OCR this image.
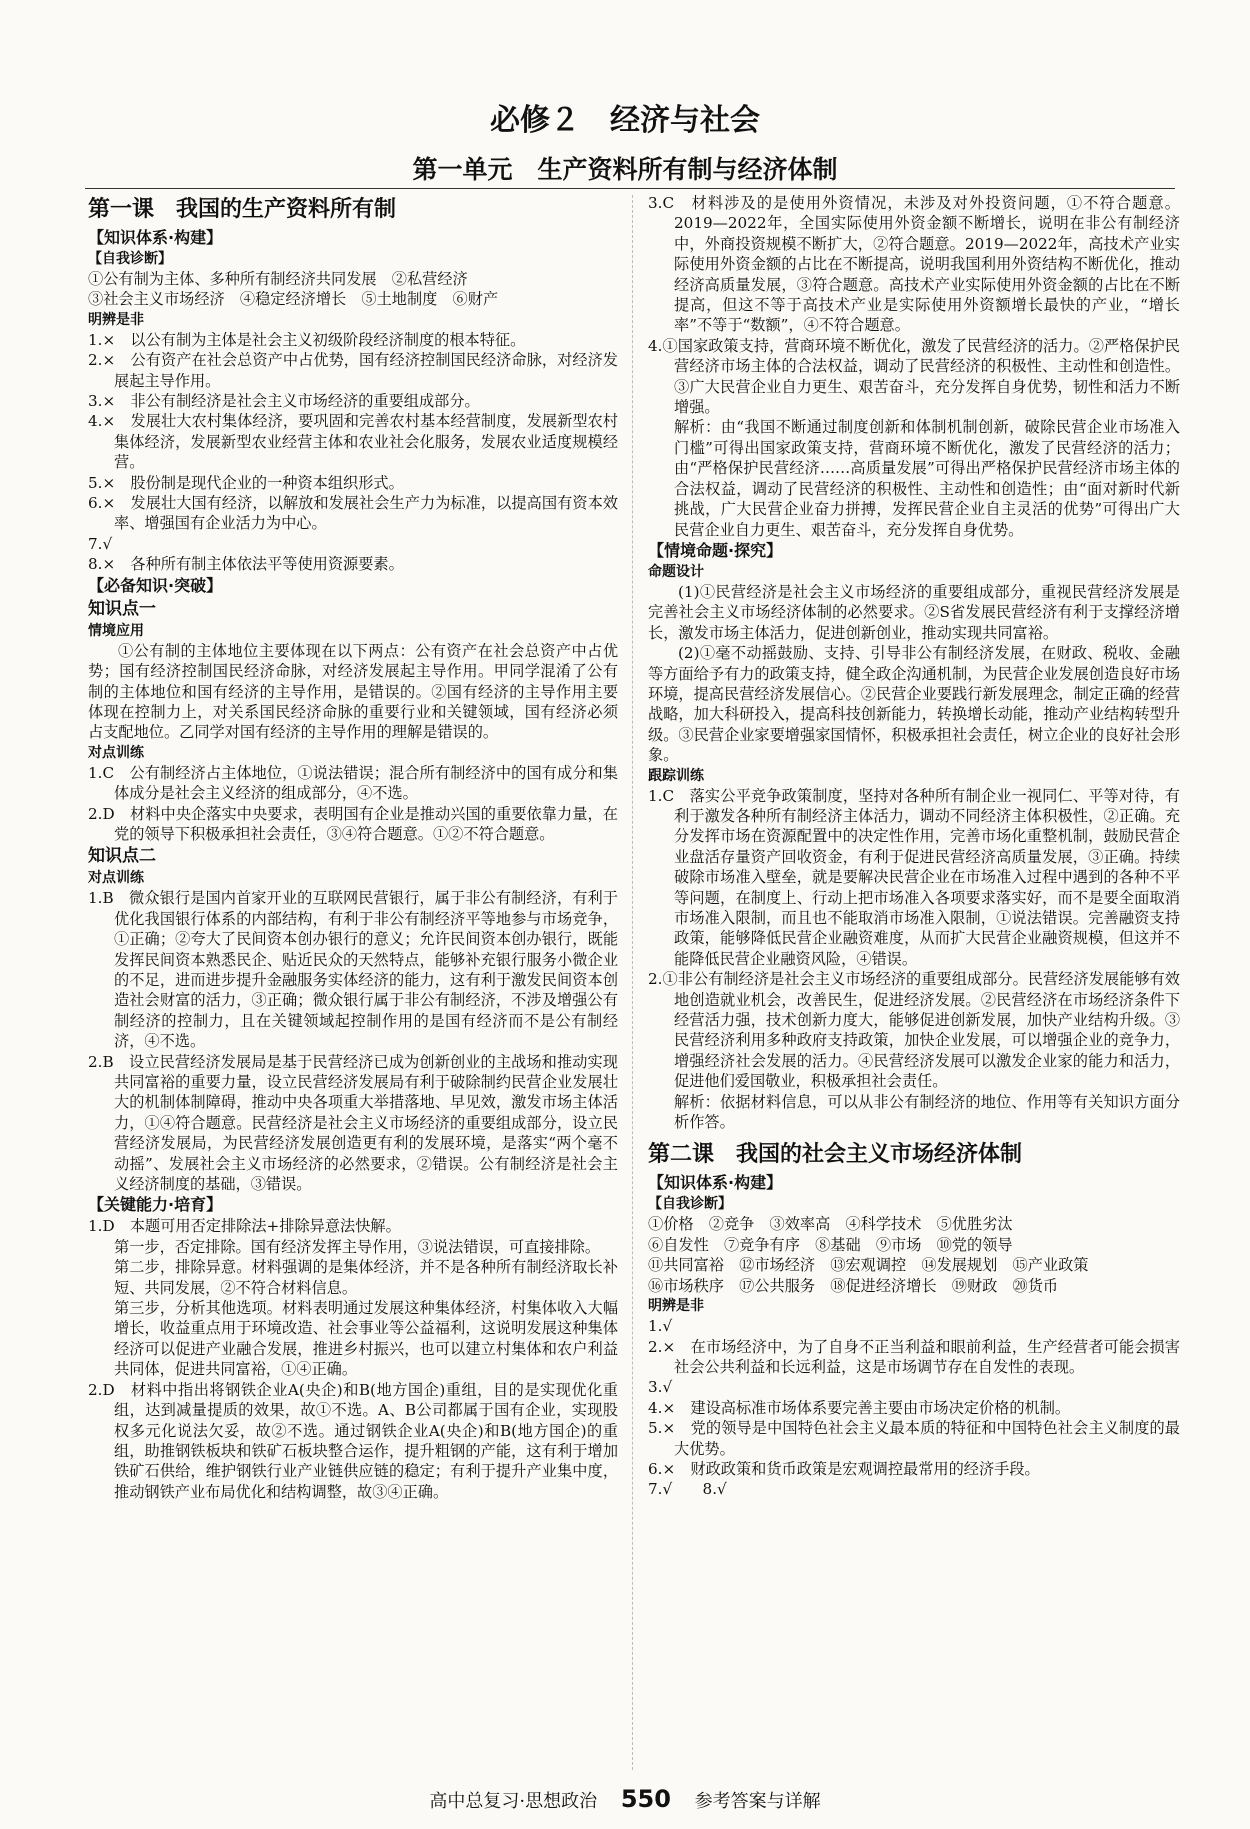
必修２　经济与社会
第一单元　生产资料所有制与经济体制

第一课　我国的生产资料所有制

【知识体系·构建】

【自我诊断】

①公有制为主体、多种所有制经济共同发展　②私营经济

③社会主义市场经济　④稳定经济增长　⑤土地制度　⑥财产

明辨是非

1.×　以公有制为主体是社会主义初级阶段经济制度的根本特征。

2.×　公有资产在社会总资产中占优势，国有经济控制国民经济命脉，对经济发展起主导作用。

3.×　非公有制经济是社会主义市场经济的重要组成部分。

4.×　发展壮大农村集体经济，要巩固和完善农村基本经营制度，发展新型农村集体经济，发展新型农业经营主体和农业社会化服务，发展农业适度规模经营。

5.×　股份制是现代企业的一种资本组织形式。

6.×　发展壮大国有经济，以解放和发展社会生产力为标准，以提高国有资本效率、增强国有企业活力为中心。

7.√

8.×　各种所有制主体依法平等使用资源要素。

【必备知识·突破】

知识点一

情境应用

①公有制的主体地位主要体现在以下两点：公有资产在社会总资产中占优势；国有经济控制国民经济命脉，对经济发展起主导作用。甲同学混淆了公有制的主体地位和国有经济的主导作用，是错误的。②国有经济的主导作用主要体现在控制力上，对关系国民经济命脉的重要行业和关键领域，国有经济必须占支配地位。乙同学对国有经济的主导作用的理解是错误的。

对点训练

1.C　公有制经济占主体地位，①说法错误；混合所有制经济中的国有成分和集体成分是社会主义经济的组成部分，④不选。

2.D　材料中央企落实中央要求，表明国有企业是推动兴国的重要依靠力量，在党的领导下积极承担社会责任，③④符合题意。①②不符合题意。

知识点二

对点训练

1.B　微众银行是国内首家开业的互联网民营银行，属于非公有制经济，有利于优化我国银行体系的内部结构，有利于非公有制经济平等地参与市场竞争，①正确；②夸大了民间资本创办银行的意义；允许民间资本创办银行，既能发挥民间资本熟悉民企、贴近民众的天然特点，能够补充银行服务小微企业的不足，进而进步提升金融服务实体经济的能力，这有利于激发民间资本创造社会财富的活力，③正确；微众银行属于非公有制经济，不涉及增强公有制经济的控制力，且在关键领域起控制作用的是国有经济而不是公有制经济，④不选。

2.B　设立民营经济发展局是基于民营经济已成为创新创业的主战场和推动实现共同富裕的重要力量，设立民营经济发展局有利于破除制约民营企业发展壮大的机制体制障碍，推动中央各项重大举措落地、早见效，激发市场主体活力，①④符合题意。民营经济是社会主义市场经济的重要组成部分，设立民营经济发展局，为民营经济发展创造更有利的发展环境，是落实“两个毫不动摇”、发展社会主义市场经济的必然要求，②错误。公有制经济是社会主义经济制度的基础，③错误。

【关键能力·培育】

1.D　本题可用否定排除法+排除异意法快解。

第一步，否定排除。国有经济发挥主导作用，③说法错误，可直接排除。

第二步，排除异意。材料强调的是集体经济，并不是各种所有制经济取长补短、共同发展，②不符合材料信息。

第三步，分析其他选项。材料表明通过发展这种集体经济，村集体收入大幅增长，收益重点用于环境改造、社会事业等公益福利，这说明发展这种集体经济可以促进产业融合发展，推进乡村振兴，也可以建立村集体和农户利益共同体，促进共同富裕，①④正确。

2.D　材料中指出将钢铁企业A(央企)和B(地方国企)重组，目的是实现优化重组，达到减量提质的效果，故①不选。A、B公司都属于国有企业，实现股权多元化说法欠妥，故②不选。通过钢铁企业A(央企)和B(地方国企)的重组，助推钢铁板块和铁矿石板块整合运作，提升粗钢的产能，这有利于增加铁矿石供给，维护钢铁行业产业链供应链的稳定；有利于提升产业集中度，推动钢铁产业布局优化和结构调整，故③④正确。

3.C　材料涉及的是使用外资情况，未涉及对外投资问题，①不符合题意。2019—2022年，全国实际使用外资金额不断增长，说明在非公有制经济中，外商投资规模不断扩大，②符合题意。2019—2022年，高技术产业实际使用外资金额的占比在不断提高，说明我国利用外资结构不断优化，推动经济高质量发展，③符合题意。高技术产业实际使用外资金额的占比在不断提高，但这不等于高技术产业是实际使用外资额增长最快的产业，“增长率”不等于“数额”，④不符合题意。

4.①国家政策支持，营商环境不断优化，激发了民营经济的活力。②严格保护民营经济市场主体的合法权益，调动了民营经济的积极性、主动性和创造性。③广大民营企业自力更生、艰苦奋斗，充分发挥自身优势，韧性和活力不断增强。

解析：由“我国不断通过制度创新和体制机制创新，破除民营企业市场准入门槛”可得出国家政策支持，营商环境不断优化，激发了民营经济的活力；由“严格保护民营经济……高质量发展”可得出严格保护民营经济市场主体的合法权益，调动了民营经济的积极性、主动性和创造性；由“面对新时代新挑战，广大民营企业奋力拼搏，发挥民营企业自主灵活的优势”可得出广大民营企业自力更生、艰苦奋斗，充分发挥自身优势。

【情境命题·探究】

命题设计

(1)①民营经济是社会主义市场经济的重要组成部分，重视民营经济发展是完善社会主义市场经济体制的必然要求。②S省发展民营经济有利于支撑经济增长，激发市场主体活力，促进创新创业，推动实现共同富裕。

(2)①毫不动摇鼓励、支持、引导非公有制经济发展，在财政、税收、金融等方面给予有力的政策支持，健全政企沟通机制，为民营企业发展创造良好市场环境，提高民营经济发展信心。②民营企业要践行新发展理念，制定正确的经营战略，加大科研投入，提高科技创新能力，转换增长动能，推动产业结构转型升级。③民营企业家要增强家国情怀，积极承担社会责任，树立企业的良好社会形象。

跟踪训练

1.C　落实公平竞争政策制度，坚持对各种所有制企业一视同仁、平等对待，有利于激发各种所有制经济主体活力，调动不同经济主体积极性，②正确。充分发挥市场在资源配置中的决定性作用，完善市场化重整机制，鼓励民营企业盘活存量资产回收资金，有利于促进民营经济高质量发展，③正确。持续破除市场准入壁垒，就是要解决民营企业在市场准入过程中遇到的各种不平等问题，在制度上、行动上把市场准入各项要求落实好，而不是要全面取消市场准入限制，而且也不能取消市场准入限制，①说法错误。完善融资支持政策，能够降低民营企业融资难度，从而扩大民营企业融资规模，但这并不能降低民营企业融资风险，④错误。

2.①非公有制经济是社会主义市场经济的重要组成部分。民营经济发展能够有效地创造就业机会，改善民生，促进经济发展。②民营经济在市场经济条件下经营活力强，技术创新力度大，能够促进创新发展，加快产业结构升级。③民营经济利用多种政府支持政策，加快企业发展，可以增强企业的竞争力，增强经济社会发展的活力。④民营经济发展可以激发企业家的能力和活力，促进他们爱国敬业，积极承担社会责任。

解析：依据材料信息，可以从非公有制经济的地位、作用等有关知识方面分析作答。

第二课　我国的社会主义市场经济体制

【知识体系·构建】

【自我诊断】

①价格　②竞争　③效率高　④科学技术　⑤优胜劣汰

⑥自发性　⑦竞争有序　⑧基础　⑨市场　⑩党的领导

⑪共同富裕　⑫市场经济　⑬宏观调控　⑭发展规划　⑮产业政策

⑯市场秩序　⑰公共服务　⑱促进经济增长　⑲财政　⑳货币

明辨是非

1.√

2.×　在市场经济中，为了自身不正当利益和眼前利益，生产经营者可能会损害社会公共利益和长远利益，这是市场调节存在自发性的表现。

3.√

4.×　建设高标准市场体系要完善主要由市场决定价格的机制。

5.×　党的领导是中国特色社会主义最本质的特征和中国特色社会主义制度的最大优势。

6.×　财政政策和货币政策是宏观调控最常用的经济手段。

7.√　　8.√

高中总复习·思想政治 550 参考答案与详解
